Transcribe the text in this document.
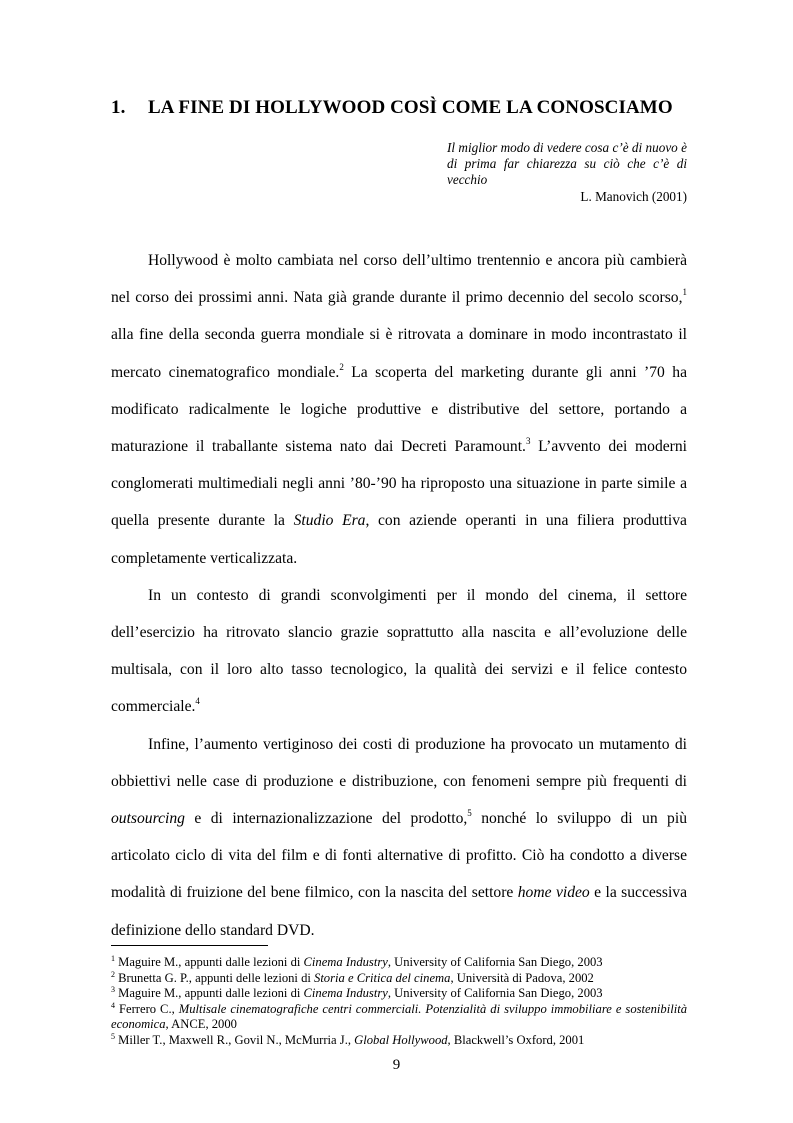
1. LA FINE DI HOLLYWOOD COSÌ COME LA CONOSCIAMO
Il miglior modo di vedere cosa c’è di nuovo è di prima far chiarezza su ciò che c’è di vecchio
L. Manovich (2001)

Hollywood è molto cambiata nel corso dell’ultimo trentennio e ancora più cambierà nel corso dei prossimi anni. Nata già grande durante il primo decennio del secolo scorso,$^1$ alla fine della seconda guerra mondiale si è ritrovata a dominare in modo incontrastato il mercato cinematografico mondiale.$^2$ La scoperta del marketing durante gli anni ’70 ha modificato radicalmente le logiche produttive e distributive del settore, portando a maturazione il traballante sistema nato dai Decreti Paramount.$^3$ L’avvento dei moderni conglomerati multimediali negli anni ’80-’90 ha riproposto una situazione in parte simile a quella presente durante la Studio Era, con aziende operanti in una filiera produttiva completamente verticalizzata.

In un contesto di grandi sconvolgimenti per il mondo del cinema, il settore dell’esercizio ha ritrovato slancio grazie soprattutto alla nascita e all’evoluzione delle multisala, con il loro alto tasso tecnologico, la qualità dei servizi e il felice contesto commerciale.$^4$

Infine, l’aumento vertiginoso dei costi di produzione ha provocato un mutamento di obbiettivi nelle case di produzione e distribuzione, con fenomeni sempre più frequenti di outsourcing e di internazionalizzazione del prodotto,$^5$ nonché lo sviluppo di un più articolato ciclo di vita del film e di fonti alternative di profitto. Ciò ha condotto a diverse modalità di fruizione del bene filmico, con la nascita del settore home video e la successiva definizione dello standard DVD.

$^1$ Maguire M., appunti dalle lezioni di Cinema Industry, University of California San Diego, 2003

$^2$ Brunetta G. P., appunti delle lezioni di Storia e Critica del cinema, Università di Padova, 2002

$^3$ Maguire M., appunti dalle lezioni di Cinema Industry, University of California San Diego, 2003

$^4$ Ferrero C., Multisale cinematografiche centri commerciali. Potenzialità di sviluppo immobiliare e sostenibilità economica, ANCE, 2000

$^5$ Miller T., Maxwell R., Govil N., McMurria J., Global Hollywood, Blackwell’s Oxford, 2001

9
